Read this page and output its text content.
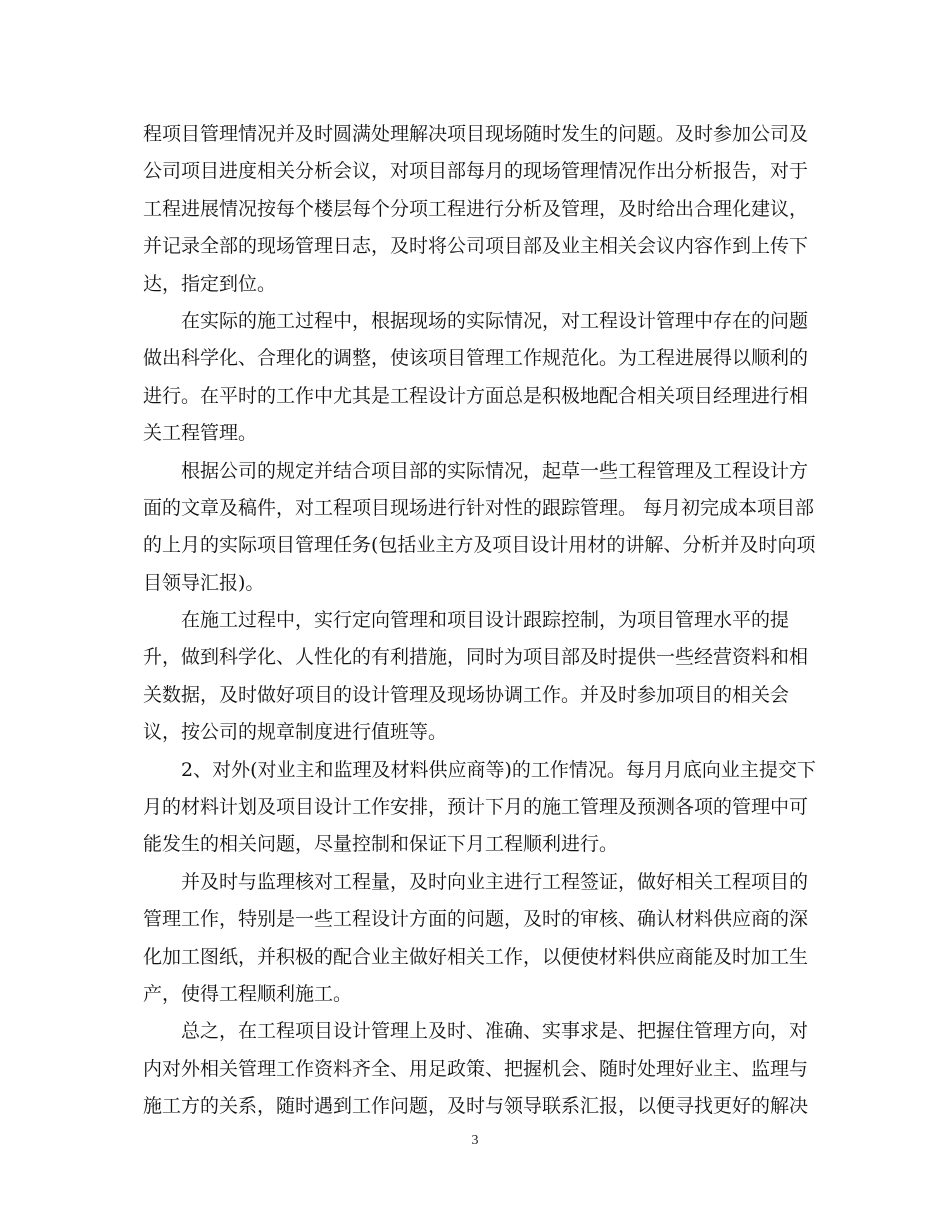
程项目管理情况并及时圆满处理解决项目现场随时发生的问题。及时参加公司及
公司项目进度相关分析会议，对项目部每月的现场管理情况作出分析报告，对于
工程进展情况按每个楼层每个分项工程进行分析及管理，及时给出合理化建议，
并记录全部的现场管理日志，及时将公司项目部及业主相关会议内容作到上传下
达，指定到位。
在实际的施工过程中，根据现场的实际情况，对工程设计管理中存在的问题
做出科学化、合理化的调整，使该项目管理工作规范化。为工程进展得以顺利的
进行。在平时的工作中尤其是工程设计方面总是积极地配合相关项目经理进行相
关工程管理。
根据公司的规定并结合项目部的实际情况，起草一些工程管理及工程设计方
面的文章及稿件，对工程项目现场进行针对性的跟踪管理。 每月初完成本项目部
的上月的实际项目管理任务(包括业主方及项目设计用材的讲解、分析并及时向项
目领导汇报)。
在施工过程中，实行定向管理和项目设计跟踪控制，为项目管理水平的提
升，做到科学化、人性化的有利措施，同时为项目部及时提供一些经营资料和相
关数据，及时做好项目的设计管理及现场协调工作。并及时参加项目的相关会
议，按公司的规章制度进行值班等。
2、对外(对业主和监理及材料供应商等)的工作情况。每月月底向业主提交下
月的材料计划及项目设计工作安排，预计下月的施工管理及预测各项的管理中可
能发生的相关问题，尽量控制和保证下月工程顺利进行。
并及时与监理核对工程量，及时向业主进行工程签证，做好相关工程项目的
管理工作，特别是一些工程设计方面的问题，及时的审核、确认材料供应商的深
化加工图纸，并积极的配合业主做好相关工作，以便使材料供应商能及时加工生
产，使得工程顺利施工。
总之，在工程项目设计管理上及时、准确、实事求是、把握住管理方向，对
内对外相关管理工作资料齐全、用足政策、把握机会、随时处理好业主、监理与
施工方的关系，随时遇到工作问题，及时与领导联系汇报，以便寻找更好的解决
3
